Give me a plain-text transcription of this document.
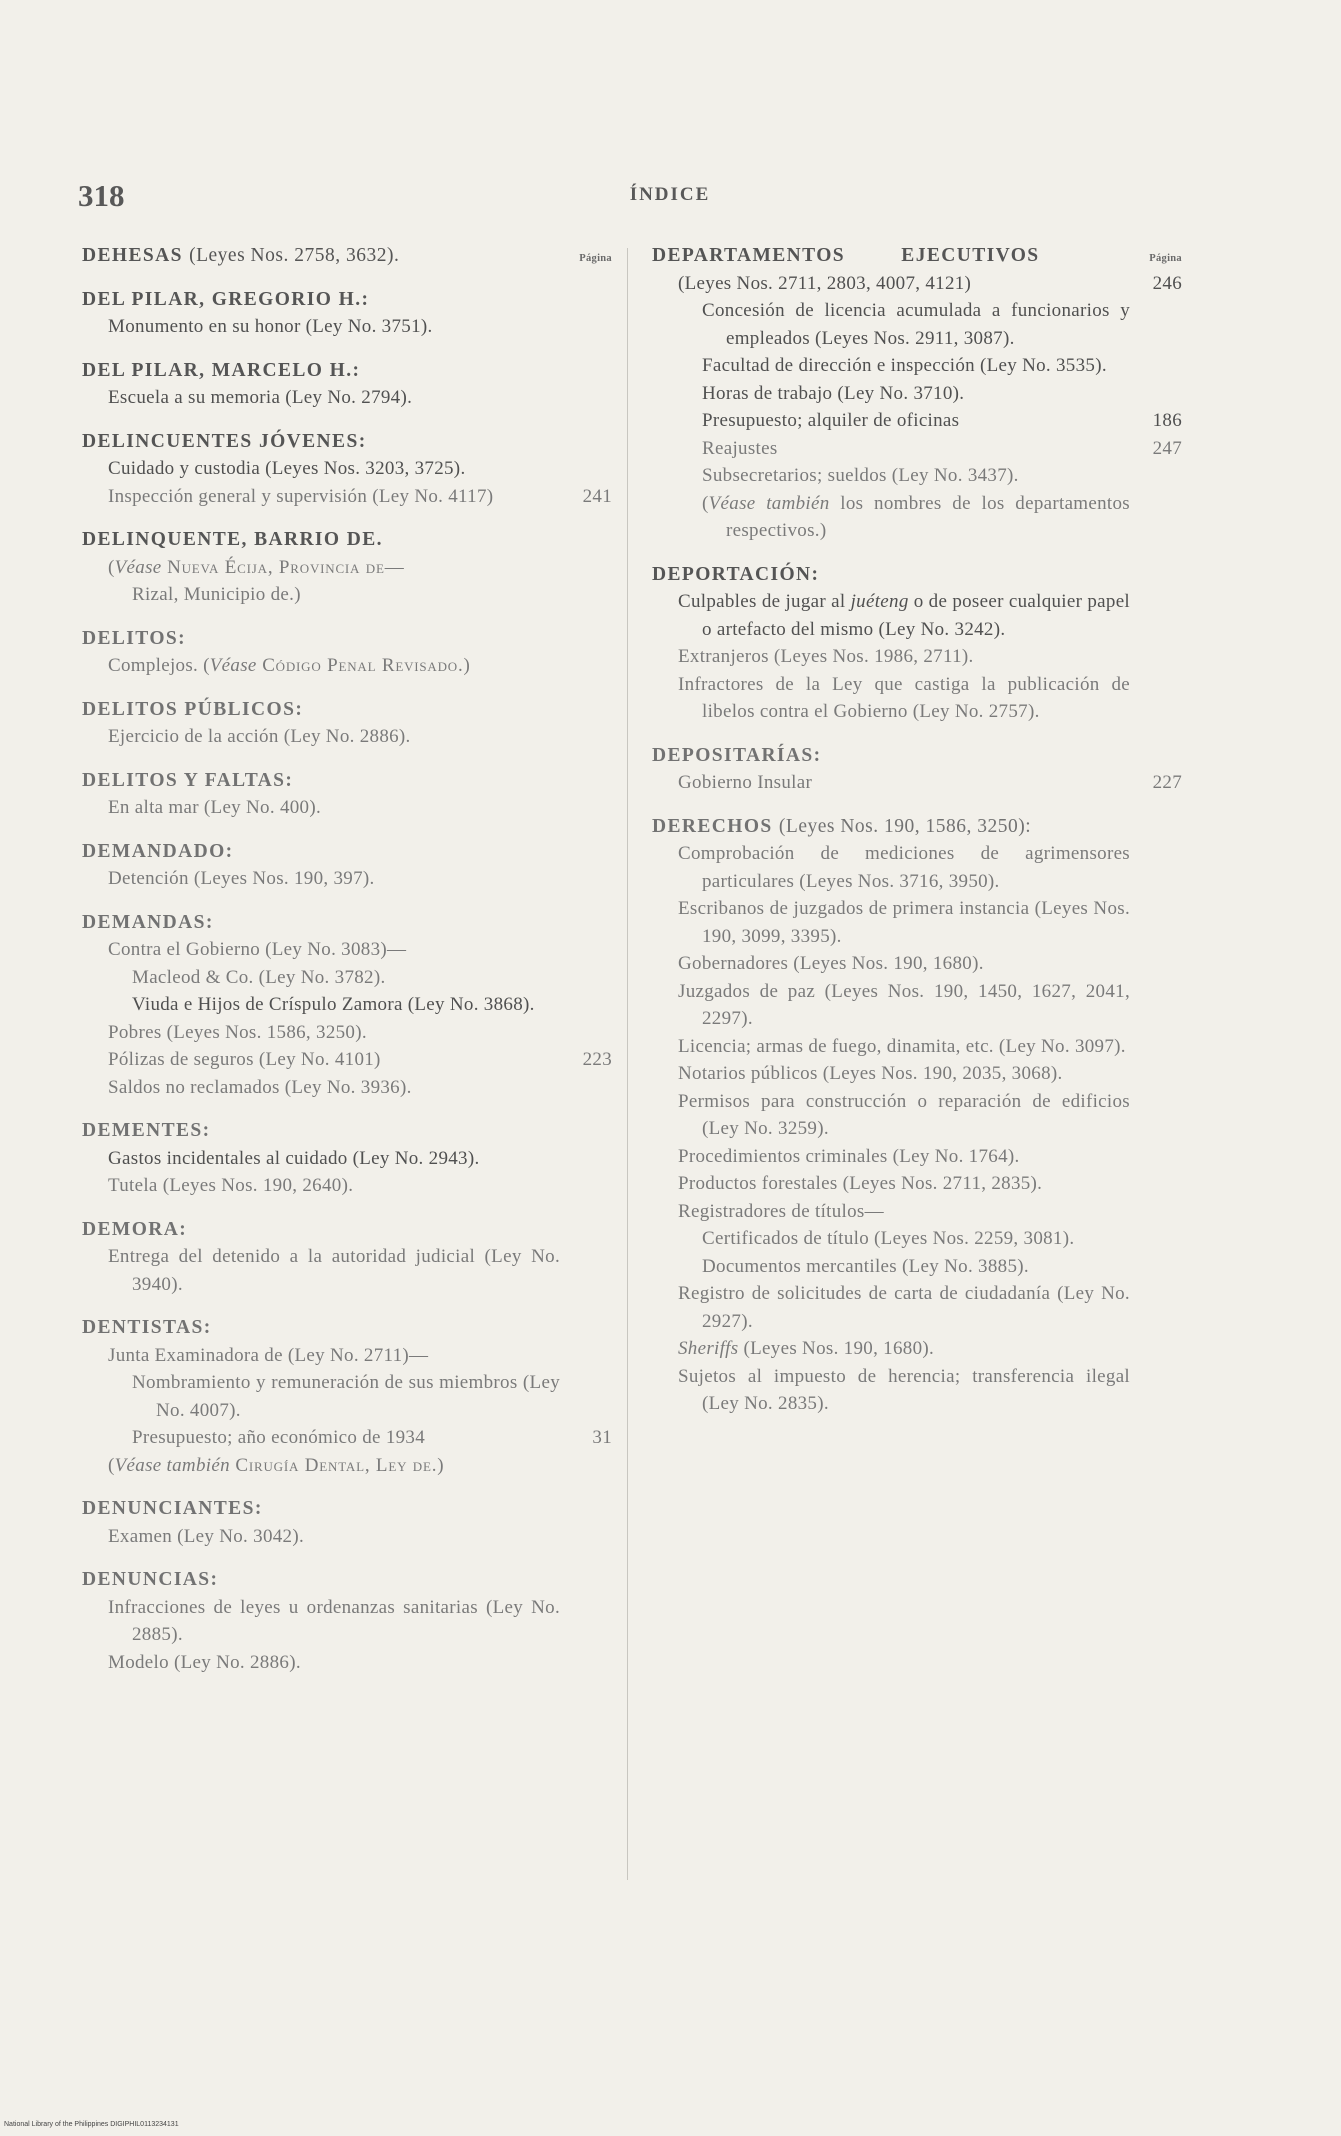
318	ÍNDICE
DEHESAS (Leyes Nos. 2758, 3632).	Página
DEL PILAR, GREGORIO H.:
Monumento en su honor (Ley No. 3751).
DEL PILAR, MARCELO H.:
Escuela a su memoria (Ley No. 2794).
DELINCUENTES JÓVENES:
Cuidado y custodia (Leyes Nos. 3203, 3725).
Inspección general y supervisión (Ley No. 4117)	241
DELINQUENTE, BARRIO DE.
(Véase Nueva Écija, Provincia de—
Rizal, Municipio de.)
DELITOS:
Complejos. (Véase Código Penal Revisado.)
DELITOS PÚBLICOS:
Ejercicio de la acción (Ley No. 2886).
DELITOS Y FALTAS:
En alta mar (Ley No. 400).
DEMANDADO:
Detención (Leyes Nos. 190, 397).
DEMANDAS:
Contra el Gobierno (Ley No. 3083)—
Macleod & Co. (Ley No. 3782).
Viuda e Hijos de Críspulo Zamora (Ley No. 3868).
Pobres (Leyes Nos. 1586, 3250).
Pólizas de seguros (Ley No. 4101)	223
Saldos no reclamados (Ley No. 3936).
DEMENTES:
Gastos incidentales al cuidado (Ley No. 2943).
Tutela (Leyes Nos. 190, 2640).
DEMORA:
Entrega del detenido a la autoridad judicial (Ley No. 3940).
DENTISTAS:
Junta Examinadora de (Ley No. 2711)—
Nombramiento y remuneración de sus miembros (Ley No. 4007).
Presupuesto; año económico de 1934	31
(Véase también Cirugía Dental, Ley de.)
DENUNCIANTES:
Examen (Ley No. 3042).
DENUNCIAS:
Infracciones de leyes u ordenanzas sanitarias (Ley No. 2885).
Modelo (Ley No. 2886).
DEPARTAMENTOS EJECUTIVOS	Página
(Leyes Nos. 2711, 2803, 4007, 4121)	246
Concesión de licencia acumulada a funcionarios y empleados (Leyes Nos. 2911, 3087).
Facultad de dirección e inspección (Ley No. 3535).
Horas de trabajo (Ley No. 3710).
Presupuesto; alquiler de oficinas	186
Reajustes	247
Subsecretarios; sueldos (Ley No. 3437).
(Véase también los nombres de los departamentos respectivos.)
DEPORTACIÓN:
Culpables de jugar al juéteng o de poseer cualquier papel o artefacto del mismo (Ley No. 3242).
Extranjeros (Leyes Nos. 1986, 2711).
Infractores de la Ley que castiga la publicación de libelos contra el Gobierno (Ley No. 2757).
DEPOSITARÍAS:
Gobierno Insular	227
DERECHOS (Leyes Nos. 190, 1586, 3250):
Comprobación de mediciones de agrimensores particulares (Leyes Nos. 3716, 3950).
Escribanos de juzgados de primera instancia (Leyes Nos. 190, 3099, 3395).
Gobernadores (Leyes Nos. 190, 1680).
Juzgados de paz (Leyes Nos. 190, 1450, 1627, 2041, 2297).
Licencia; armas de fuego, dinamita, etc. (Ley No. 3097).
Notarios públicos (Leyes Nos. 190, 2035, 3068).
Permisos para construcción o reparación de edificios (Ley No. 3259).
Procedimientos criminales (Ley No. 1764).
Productos forestales (Leyes Nos. 2711, 2835).
Registradores de títulos—
Certificados de título (Leyes Nos. 2259, 3081).
Documentos mercantiles (Ley No. 3885).
Registro de solicitudes de carta de ciudadanía (Ley No. 2927).
Sheriffs (Leyes Nos. 190, 1680).
Sujetos al impuesto de herencia; transferencia ilegal (Ley No. 2835).
National Library of the Philippines DIGIPHIL0113234131
